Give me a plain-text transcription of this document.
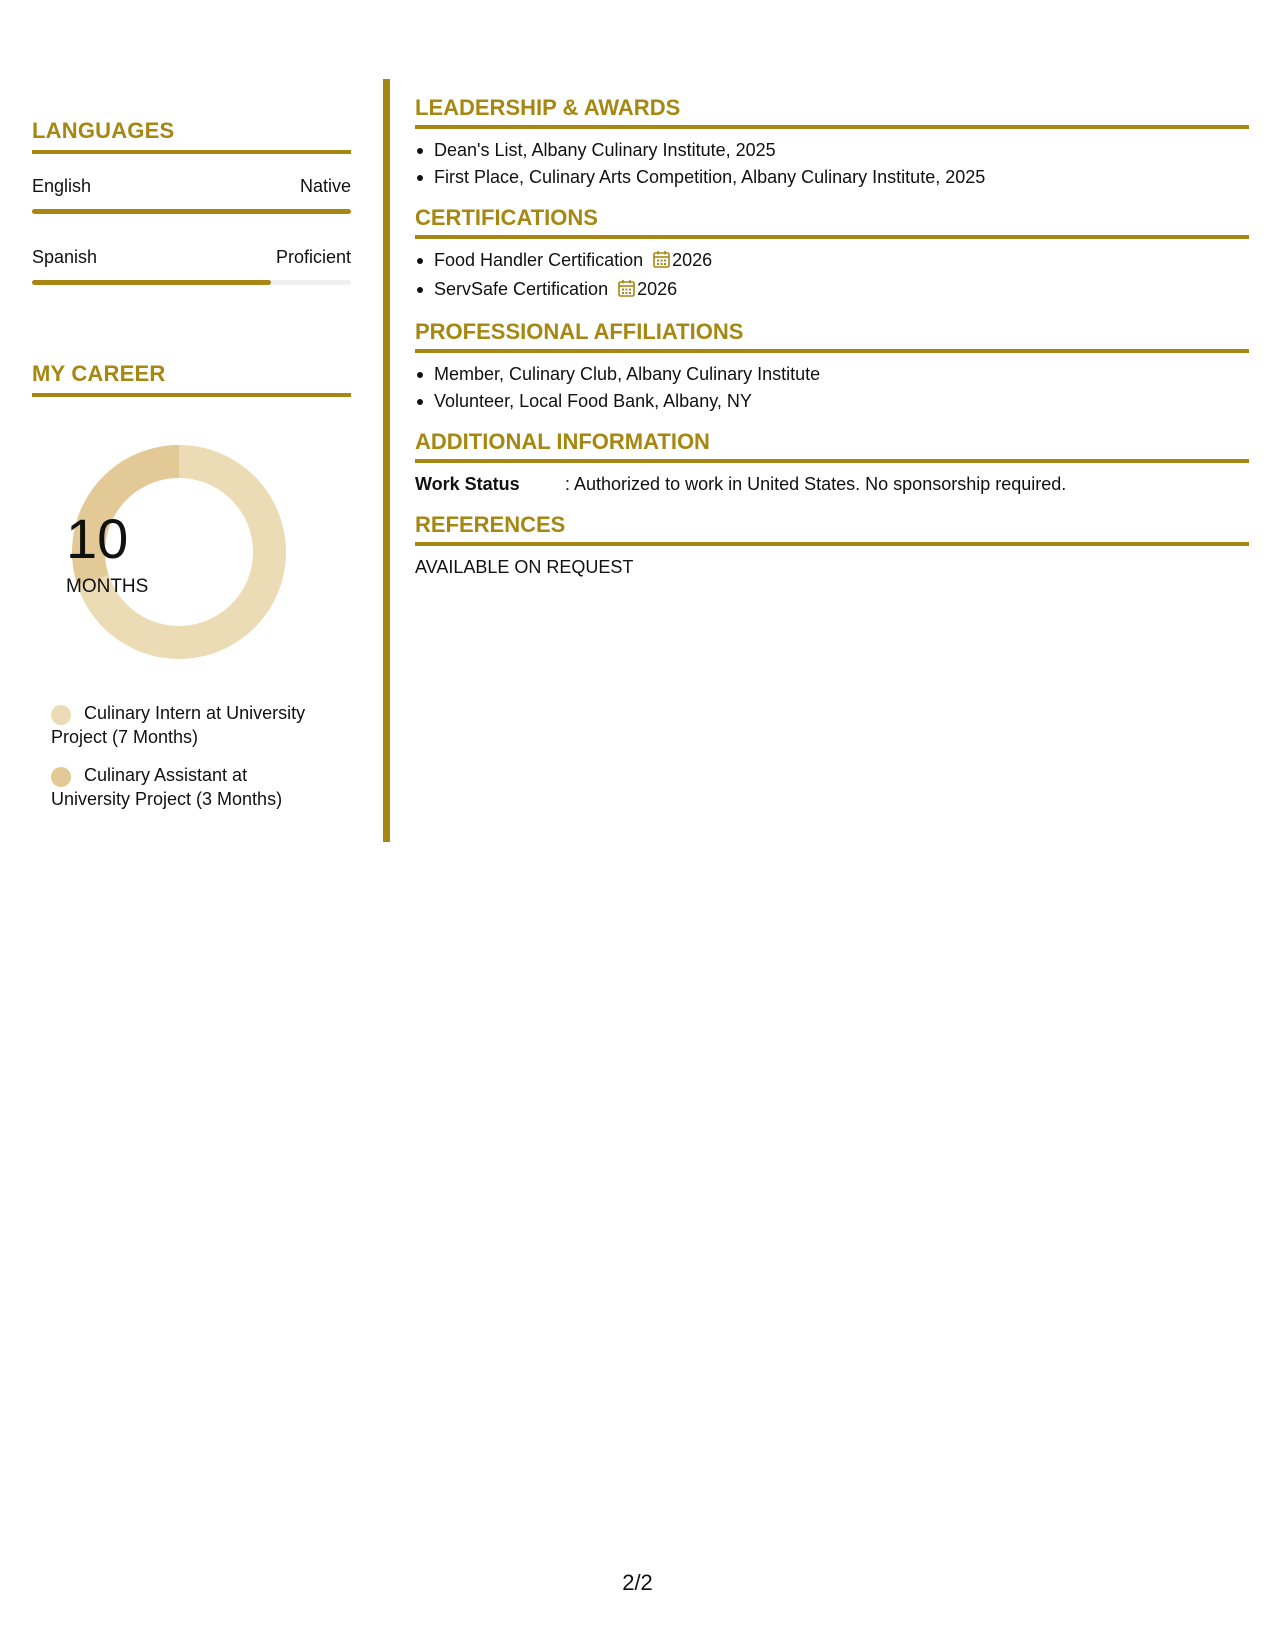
LANGUAGES
English	Native
Spanish	Proficient
MY CAREER
10
MONTHS
Culinary Intern at University Project (7 Months)
Culinary Assistant at University Project (3 Months)
LEADERSHIP & AWARDS
Dean's List, Albany Culinary Institute, 2025
First Place, Culinary Arts Competition, Albany Culinary Institute, 2025
CERTIFICATIONS
Food Handler Certification 2026
ServSafe Certification 2026
PROFESSIONAL AFFILIATIONS
Member, Culinary Club, Albany Culinary Institute
Volunteer, Local Food Bank, Albany, NY
ADDITIONAL INFORMATION
Work Status	: Authorized to work in United States. No sponsorship required.
REFERENCES
AVAILABLE ON REQUEST
2/2
